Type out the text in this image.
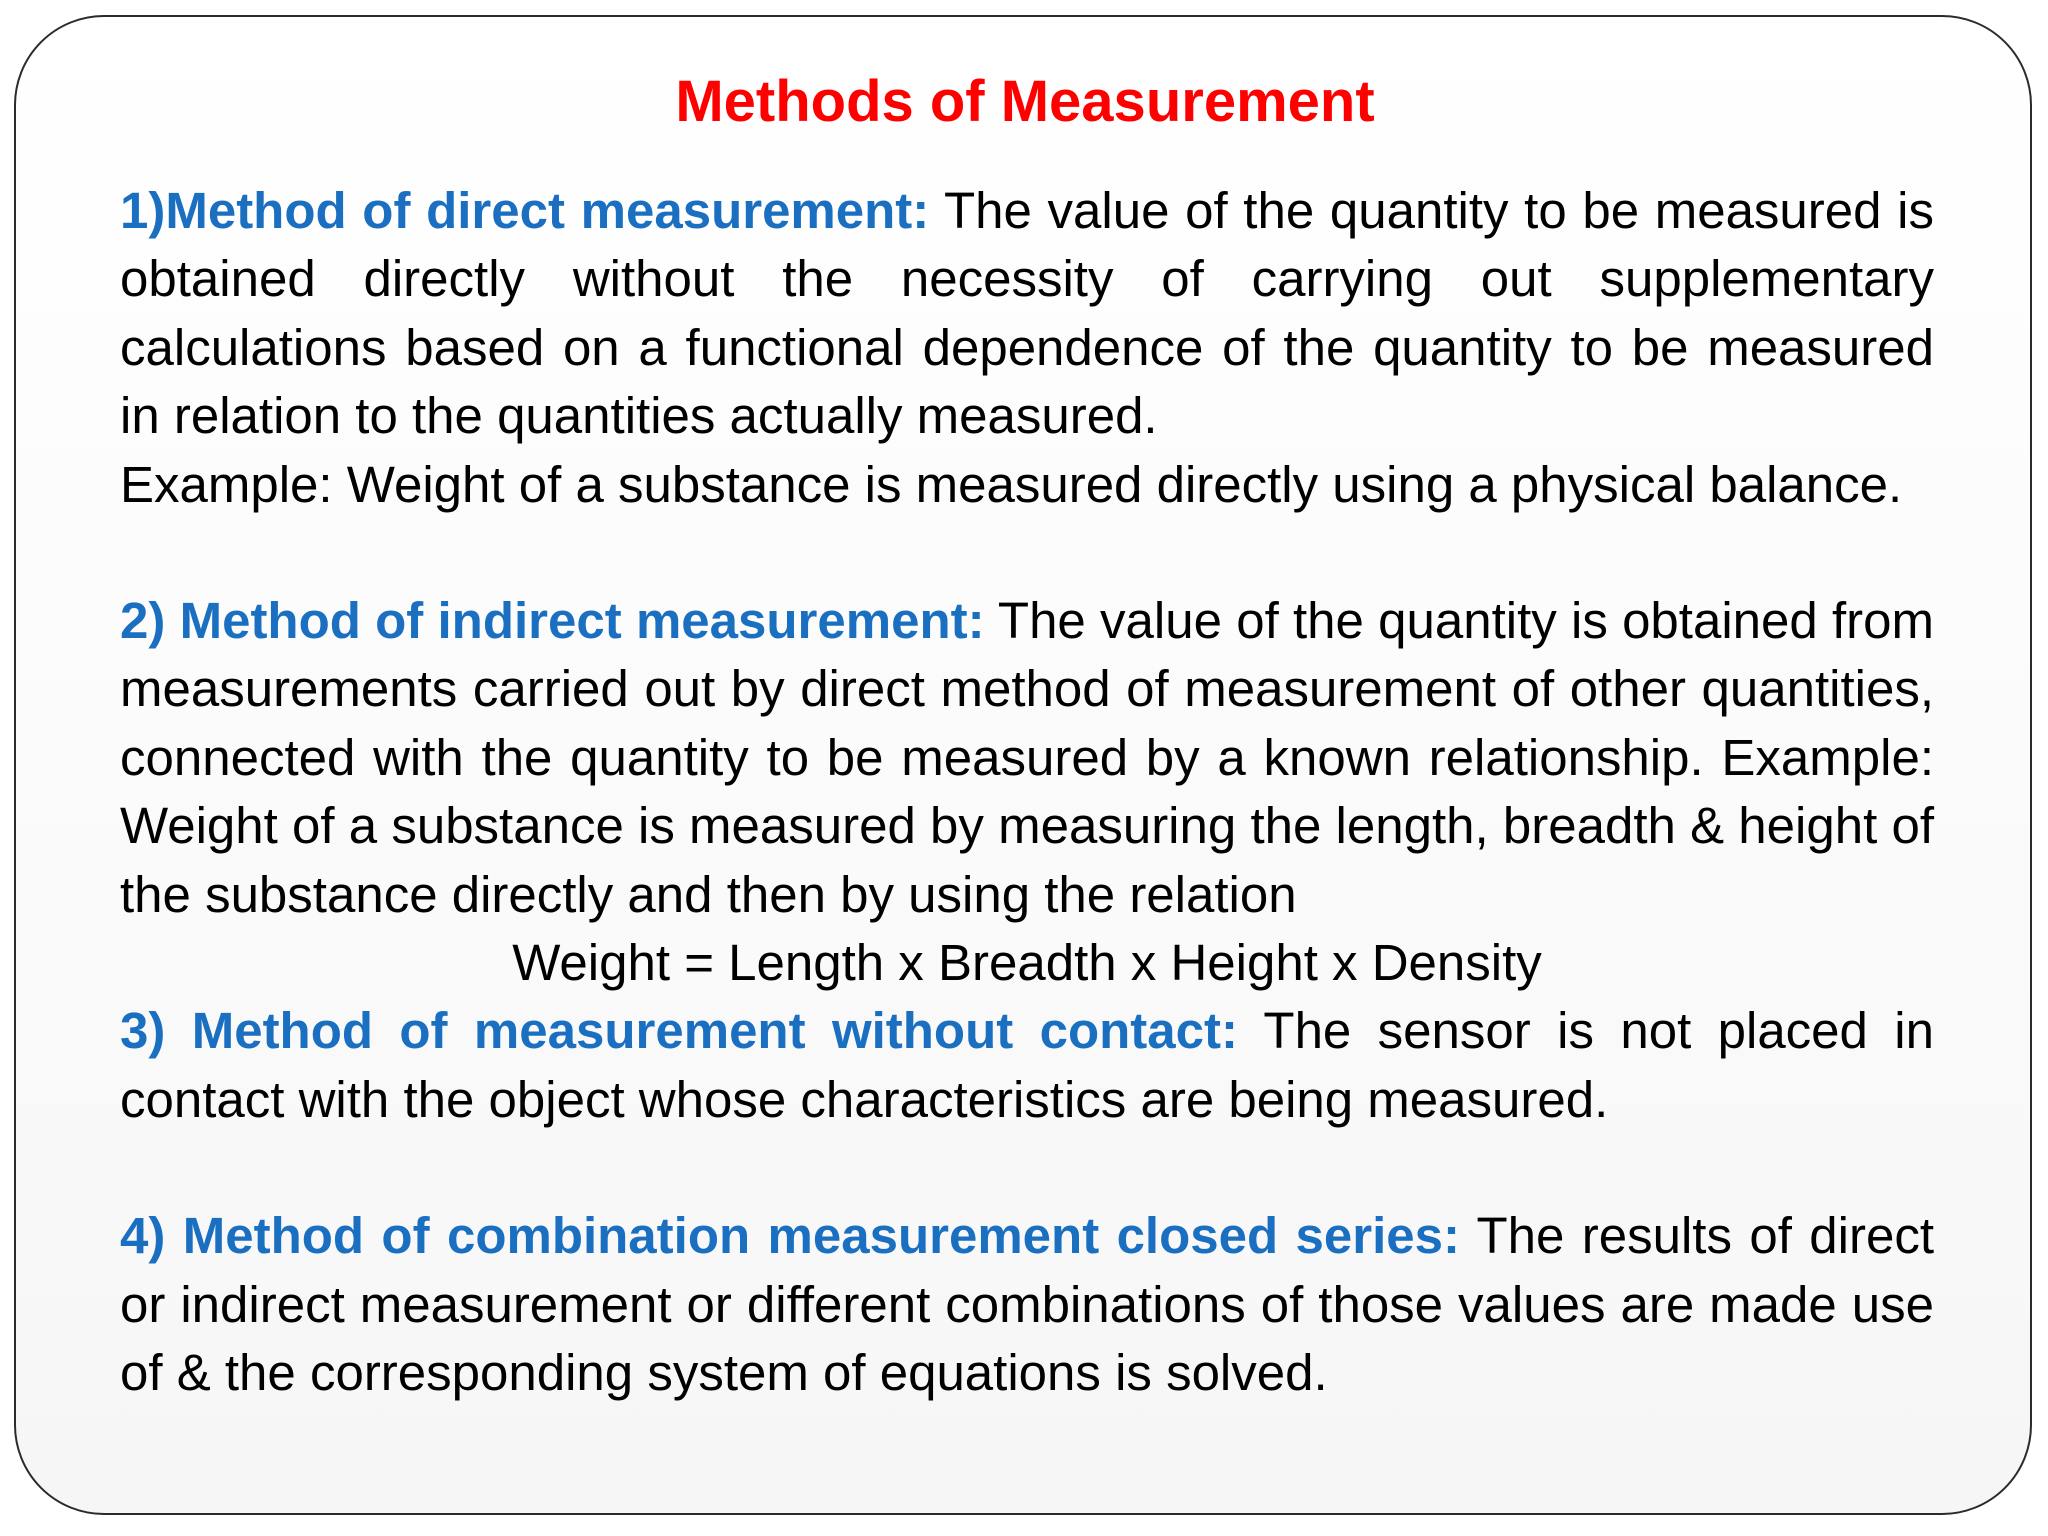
Methods of Measurement

1)Method of direct measurement: The value of the quantity to be measured is obtained directly without the necessity of carrying out supplementary calculations based on a functional dependence of the quantity to be measured in relation to the quantities actually measured.

Example: Weight of a substance is measured directly using a physical balance.

2) Method of indirect measurement: The value of the quantity is obtained from measurements carried out by direct method of measurement of other quantities, connected with the quantity to be measured by a known relationship. Example: Weight of a substance is measured by measuring the length, breadth & height of the substance directly and then by using the relation

Weight = Length x Breadth x Height x Density

3) Method of measurement without contact: The sensor is not placed in contact with the object whose characteristics are being measured.

4) Method of combination measurement closed series: The results of direct or indirect measurement or different combinations of those values are made use of & the corresponding system of equations is solved.
